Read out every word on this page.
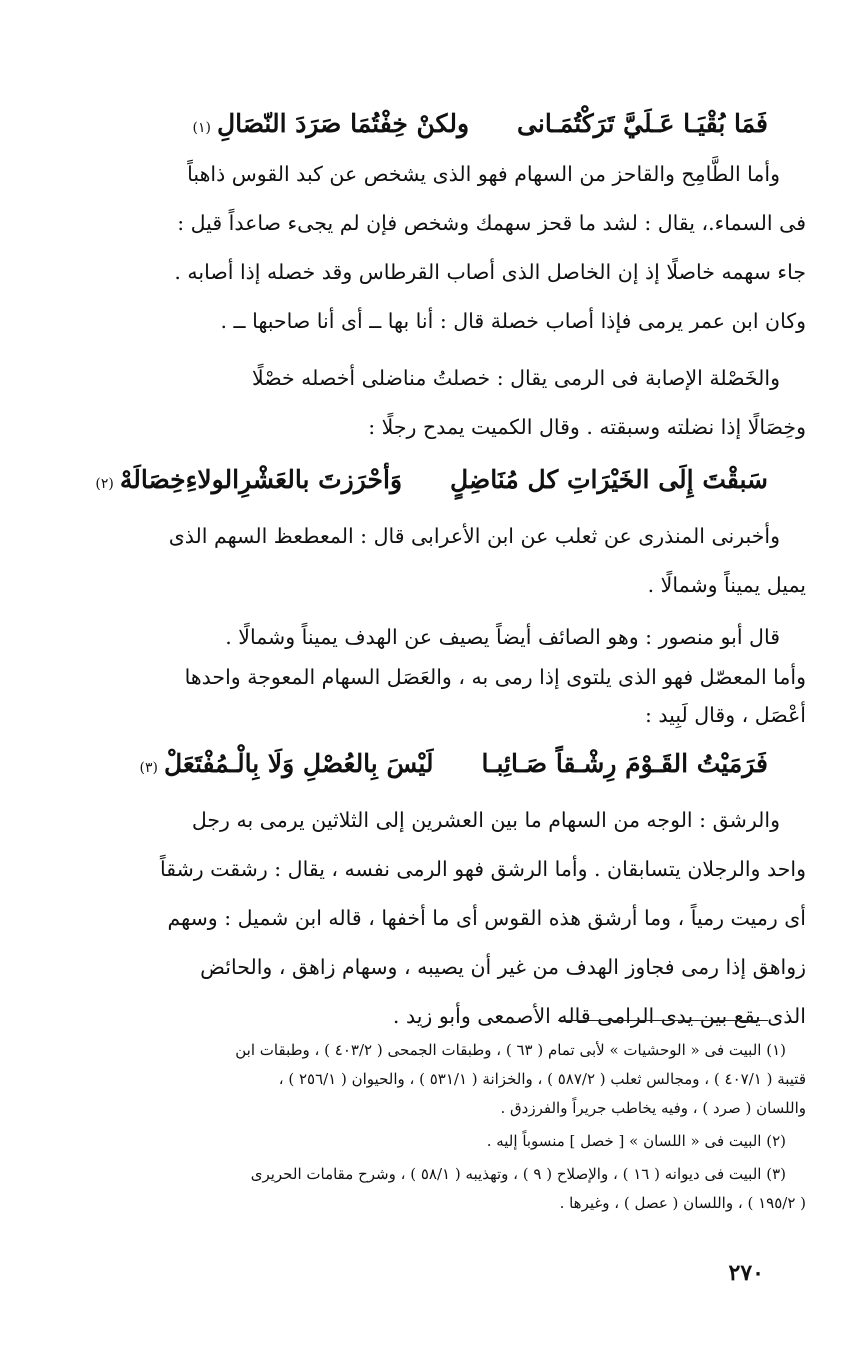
فَمَا بُقْيَـا عَـلَيَّ تَرَكْتُمَـانى
ولكنْ خِفْتُمَا صَرَدَ النّصَالِ
(١)
وأما الطَّامِح والقاحز من السهام فهو الذى يشخص عن كبد القوس ذاهباً
فى السماء.، يقال : لشد ما قحز سهمك وشخص فإن لم يجىء صاعداً قيل :
جاء سهمه خاصلًا إذ إن الخاصل الذى أصاب القرطاس وقد خصله إذا أصابه .
وكان ابن عمر يرمى فإذا أصاب خصلة قال : أنا بها ــ أى أنا صاحبها ــ .
والخَصْلة الإصابة فى الرمى يقال : خصلتُ مناضلى أخصله خصْلًا
وخِصَالًا إذا نضلته وسبقته . وقال الكميت يمدح رجلًا :
سَبقْتَ إِلَى الخَيْرَاتِ كل مُنَاضِلٍ
وَأحْرَزتَ بالعَشْرِالولاءِخِصَالَهْ
(٢)
وأخبرنى المنذرى عن ثعلب عن ابن الأعرابى قال : المعطعظ السهم الذى
يميل يميناً وشمالًا .
قال أبو منصور : وهو الصائف أيضاً يصيف عن الهدف يميناً وشمالًا .
وأما المعصّل فهو الذى يلتوى إذا رمى به ، والعَصَل السهام المعوجة واحدها
أعْصَل ، وقال لَبِيد :
فَرَمَيْتُ القَـوْمَ رِشْـقاً صَـائِبـا
لَيْسَ بِالعُصْلِ وَلَا بِالْـمُفْتَعَلْ
(٣)
والرشق : الوجه من السهام ما بين العشرين إلى الثلاثين يرمى به رجل
واحد والرجلان يتسابقان . وأما الرشق فهو الرمى نفسه ، يقال : رشقت رشقاً
أى رميت رمياً ، وما أرشق هذه القوس أى ما أخفها ، قاله ابن شميل : وسهم
زواهق إذا رمى فجاوز الهدف من غير أن يصيبه ، وسهام زاهق ، والحائض
الذى يقع بين يدى الرامى قاله الأصمعى وأبو زيد .
(١) البيت فى « الوحشيات » لأبى تمام ( ٦٣ ) ، وطبقات الجمحى ( ٤٠٣/٢ ) ، وطبقات ابن
قتيبة ( ٤٠٧/١ ) ، ومجالس ثعلب ( ٥٨٧/٢ ) ، والخزانة ( ٥٣١/١ ) ، والحيوان ( ٢٥٦/١ ) ،
واللسان ( صرد ) ، وفيه يخاطب جريراً والفرزدق .
(٢) البيت فى « اللسان » [ خصل ] منسوباً إليه .
(٣) البيت فى ديوانه ( ١٦ ) ، والإصلاح ( ٩ ) ، وتهذيبه ( ٥٨/١ ) ، وشرح مقامات الحريرى
( ١٩٥/٢ ) ، واللسان ( عصل ) ، وغيرها .
٢٧٠
